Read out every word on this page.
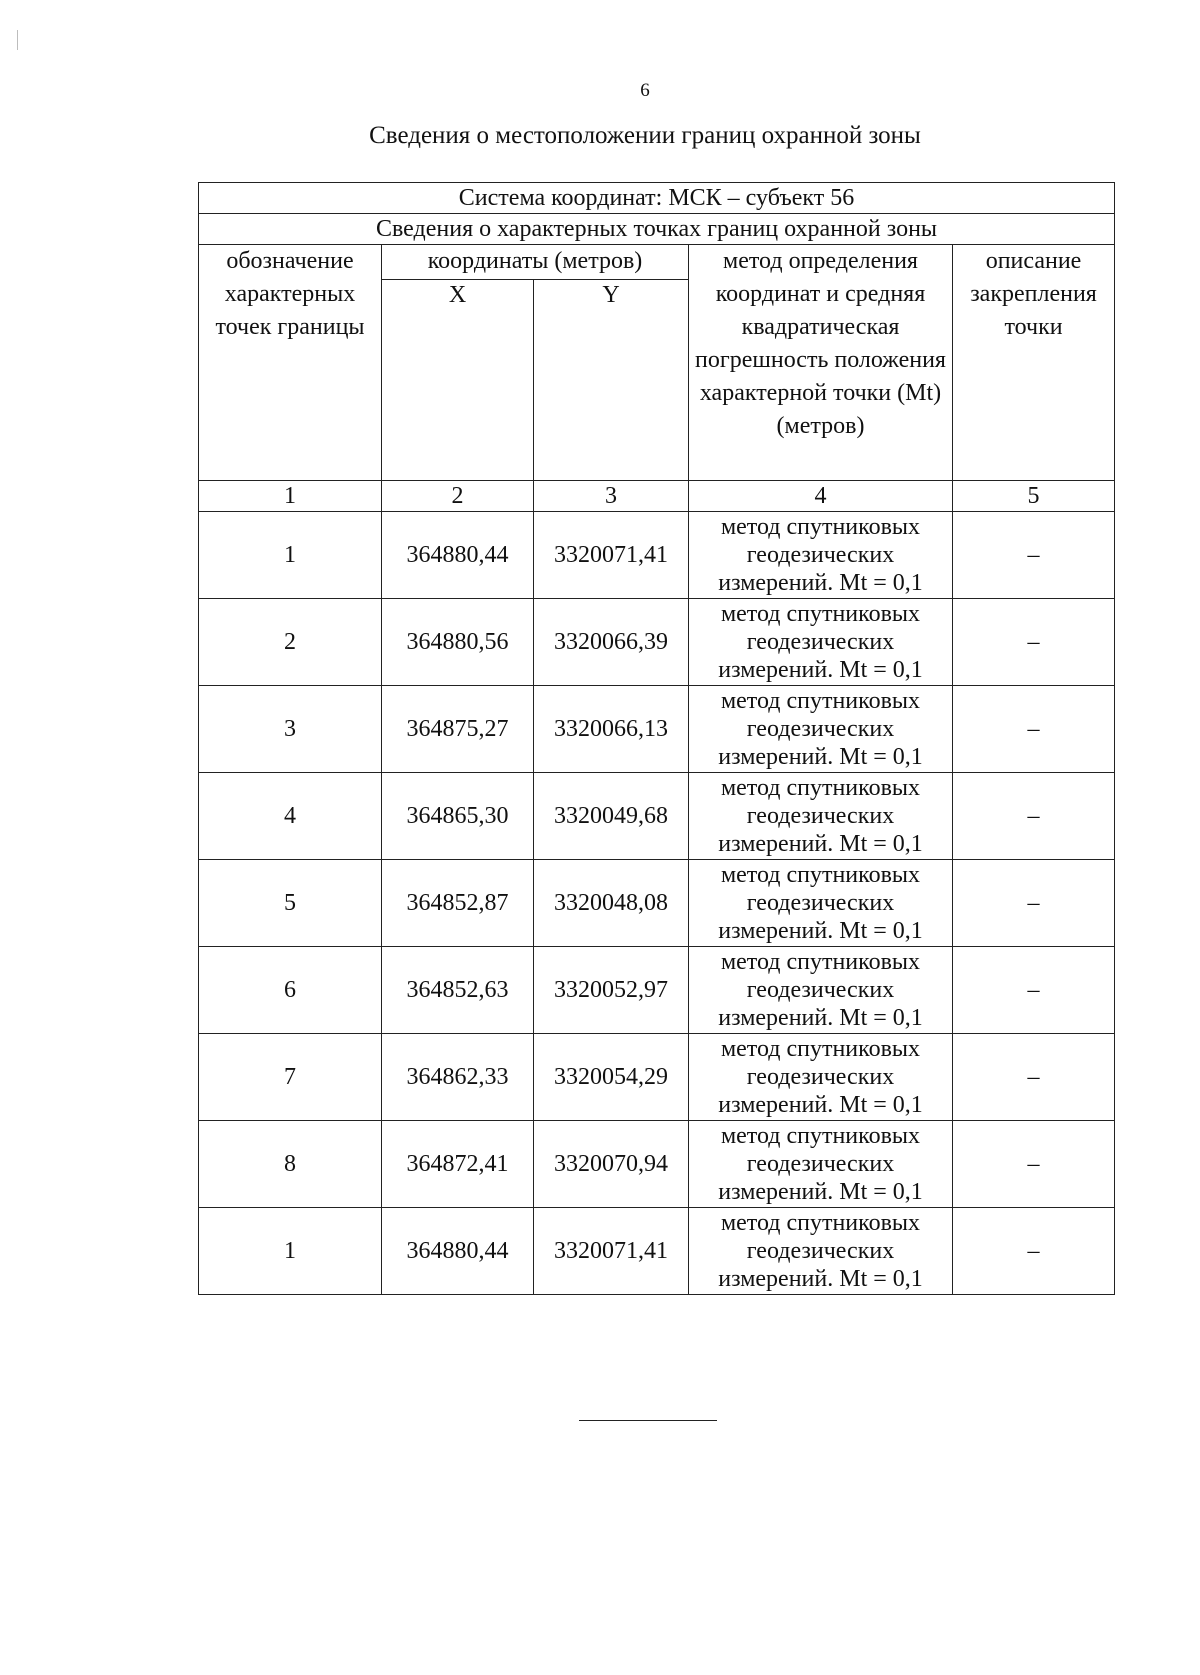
6
Сведения о местоположении границ охранной зоны
Система координат: МСК – субъект 56				
Сведения о характерных точках границ охранной зоны				
обозначение характерных точек границы	координаты (метров)		метод определения координат и средняя квадратическая погрешность положения характерной точки (Mt) (метров)	описание закрепления точки
	X	Y		
1	2	3	4	5
1	364880,44	3320071,41	метод спутниковых геодезических измерений. Mt = 0,1	–
2	364880,56	3320066,39	метод спутниковых геодезических измерений. Mt = 0,1	–
3	364875,27	3320066,13	метод спутниковых геодезических измерений. Mt = 0,1	–
4	364865,30	3320049,68	метод спутниковых геодезических измерений. Mt = 0,1	–
5	364852,87	3320048,08	метод спутниковых геодезических измерений. Mt = 0,1	–
6	364852,63	3320052,97	метод спутниковых геодезических измерений. Mt = 0,1	–
7	364862,33	3320054,29	метод спутниковых геодезических измерений. Mt = 0,1	–
8	364872,41	3320070,94	метод спутниковых геодезических измерений. Mt = 0,1	–
1	364880,44	3320071,41	метод спутниковых геодезических измерений. Mt = 0,1	–
